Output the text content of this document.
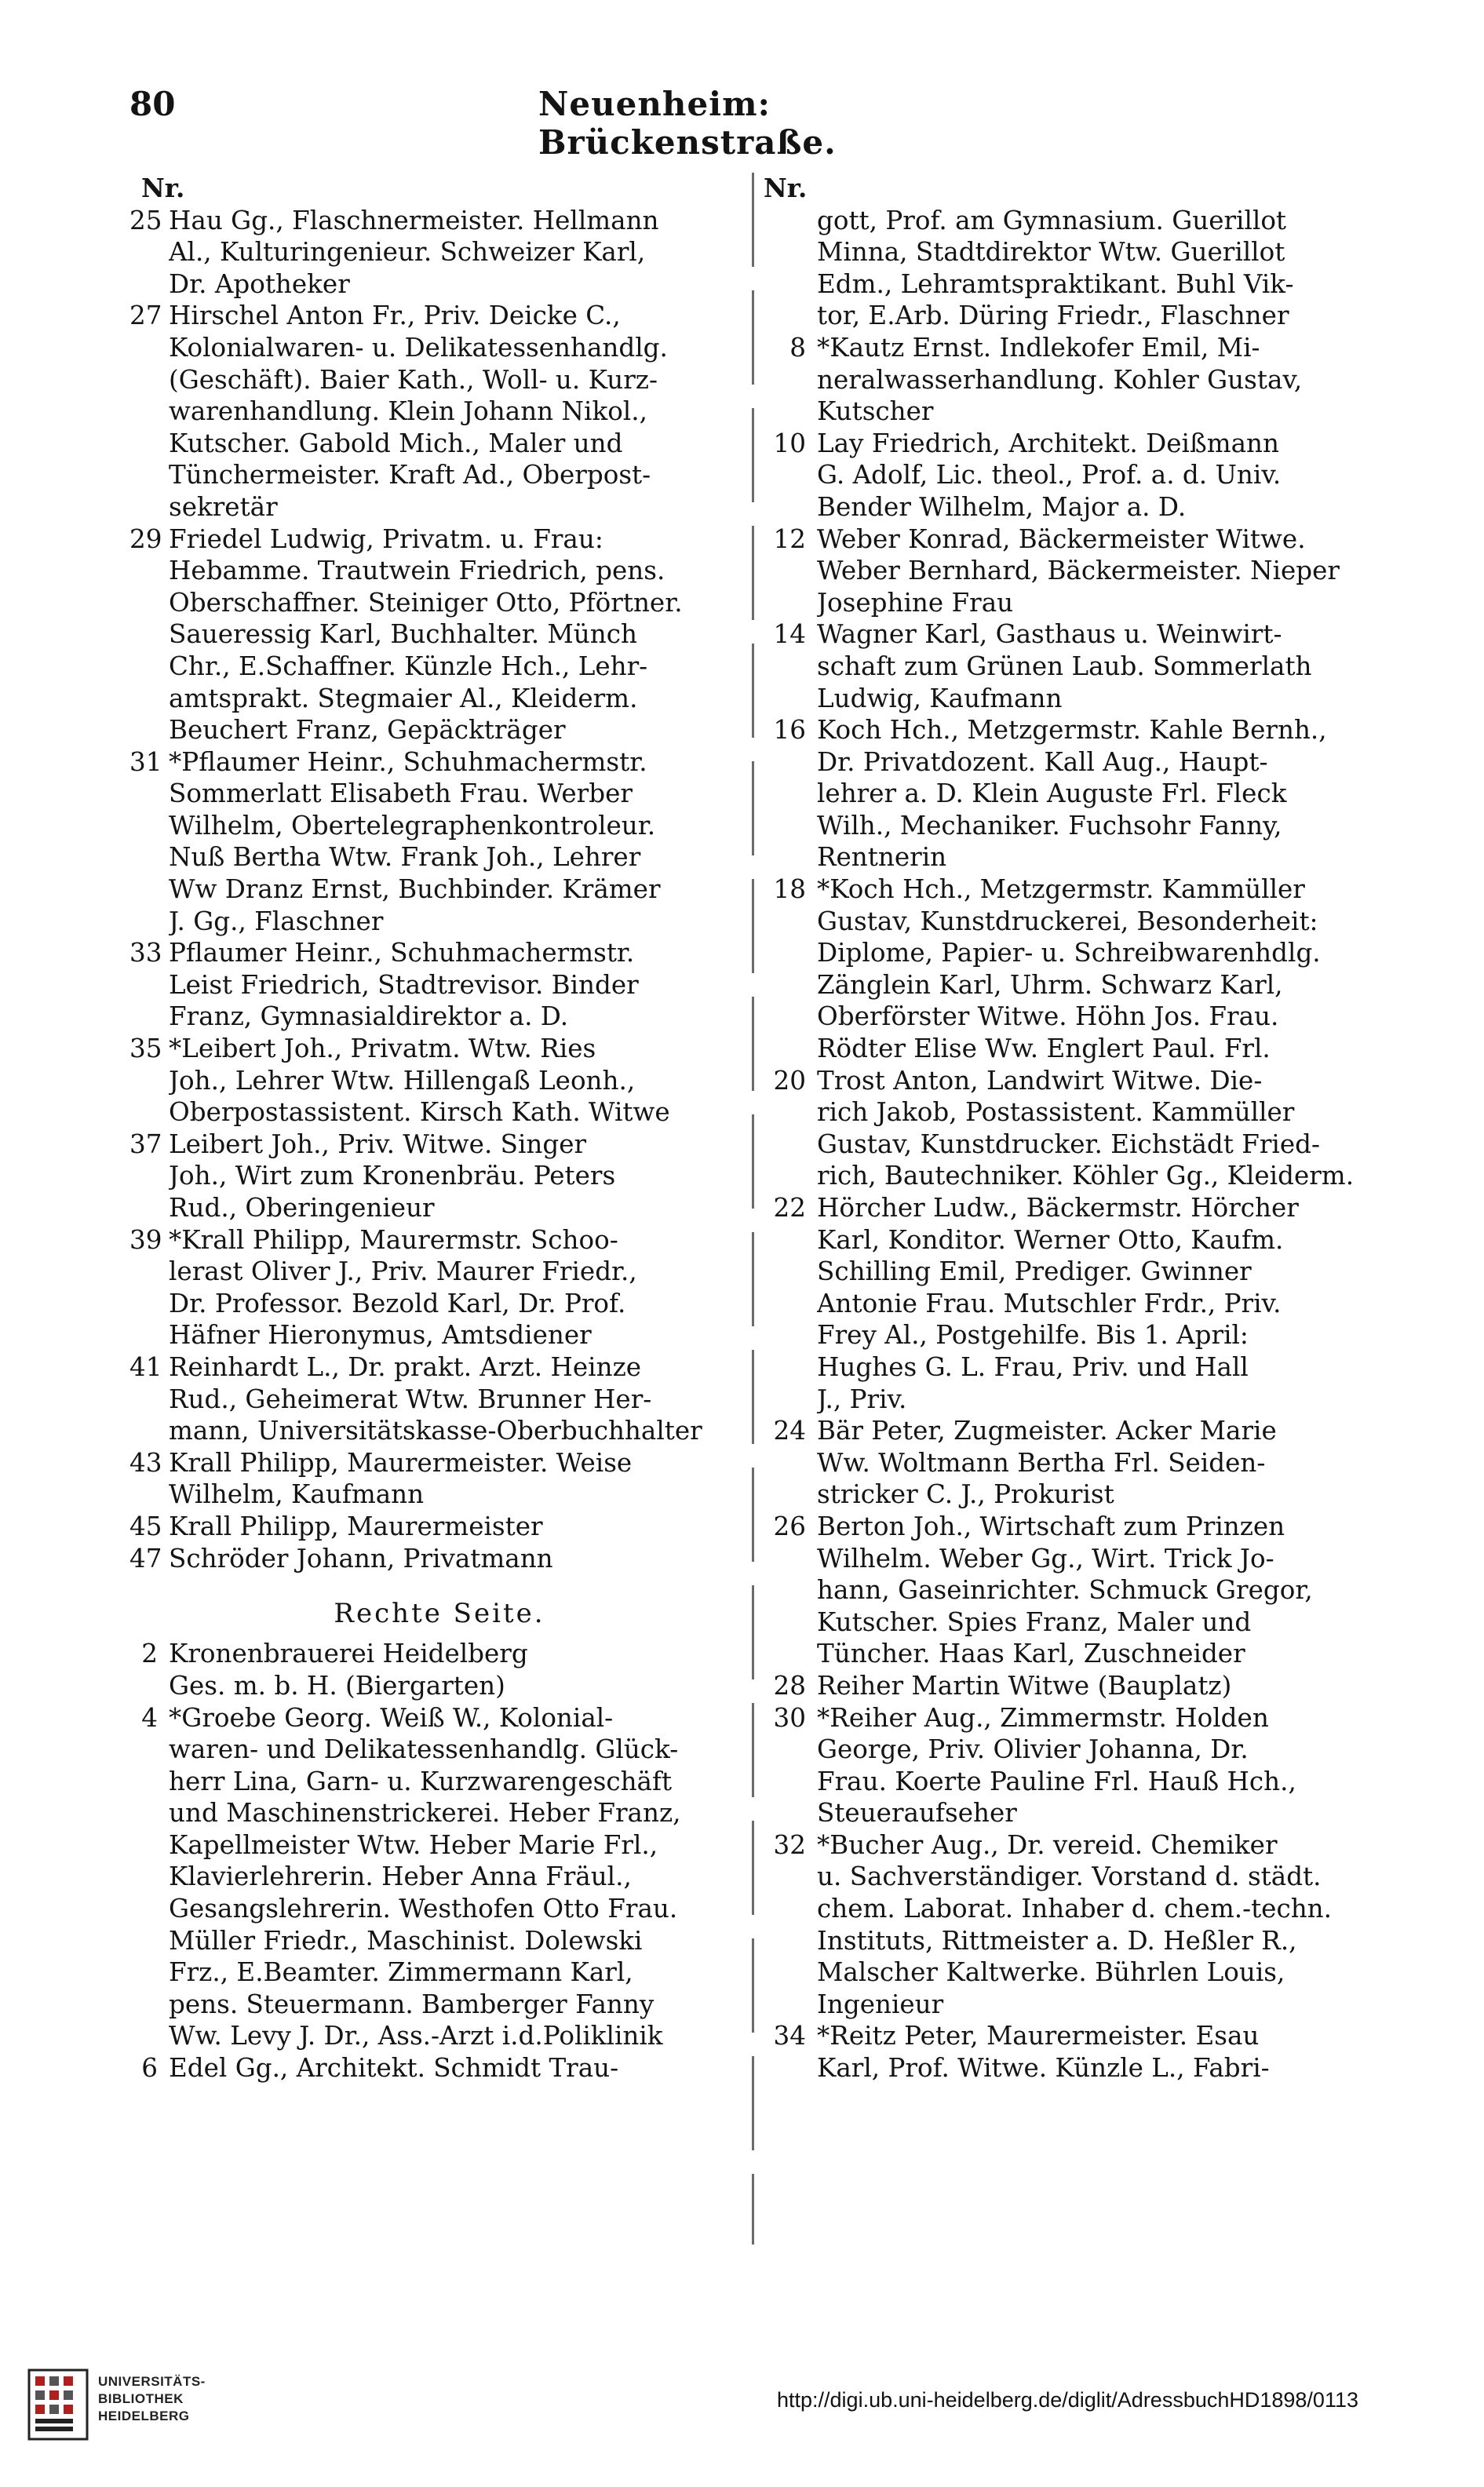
80	Neuenheim: Brückenstraße.
Nr.
25 Hau Gg., Flaschnermeister. Hellmann
Al., Kulturingenieur. Schweizer Karl,
Dr. Apotheker
27 Hirschel Anton Fr., Priv. Deicke C.,
Kolonialwaren- u. Delikatessenhandlg.
(Geschäft). Baier Kath., Woll- u. Kurz-
warenhandlung. Klein Johann Nikol.,
Kutscher. Gabold Mich., Maler und
Tünchermeister. Kraft Ad., Oberpost-
sekretär
29 Friedel Ludwig, Privatm. u. Frau:
Hebamme. Trautwein Friedrich, pens.
Oberschaffner. Steiniger Otto, Pförtner.
Saueressig Karl, Buchhalter. Münch
Chr., E.Schaffner. Künzle Hch., Lehr-
amtsprakt. Stegmaier Al., Kleiderm.
Beuchert Franz, Gepäckträger
31 *Pflaumer Heinr., Schuhmachermstr.
Sommerlatt Elisabeth Frau. Werber
Wilhelm, Obertelegraphenkontroleur.
Nuß Bertha Wtw. Frank Joh., Lehrer
Ww Dranz Ernst, Buchbinder. Krämer
J. Gg., Flaschner
33 Pflaumer Heinr., Schuhmachermstr.
Leist Friedrich, Stadtrevisor. Binder
Franz, Gymnasialdirektor a. D.
35 *Leibert Joh., Privatm. Wtw. Ries
Joh., Lehrer Wtw. Hillengaß Leonh.,
Oberpostassistent. Kirsch Kath. Witwe
37 Leibert Joh., Priv. Witwe. Singer
Joh., Wirt zum Kronenbräu. Peters
Rud., Oberingenieur
39 *Krall Philipp, Maurermstr. Schoo-
lerast Oliver J., Priv. Maurer Friedr.,
Dr. Professor. Bezold Karl, Dr. Prof.
Häfner Hieronymus, Amtsdiener
41 Reinhardt L., Dr. prakt. Arzt. Heinze
Rud., Geheimerat Wtw. Brunner Her-
mann, Universitätskasse-Oberbuchhalter
43 Krall Philipp, Maurermeister. Weise
Wilhelm, Kaufmann
45 Krall Philipp, Maurermeister
47 Schröder Johann, Privatmann
Rechte Seite.
2 Kronenbrauerei Heidelberg
Ges. m. b. H. (Biergarten)
4 *Groebe Georg. Weiß W., Kolonial-
waren- und Delikatessenhandlg. Glück-
herr Lina, Garn- u. Kurzwarengeschäft
und Maschinenstrickerei. Heber Franz,
Kapellmeister Wtw. Heber Marie Frl.,
Klavierlehrerin. Heber Anna Fräul.,
Gesangslehrerin. Westhofen Otto Frau.
Müller Friedr., Maschinist. Dolewski
Frz., E.Beamter. Zimmermann Karl,
pens. Steuermann. Bamberger Fanny
Ww. Levy J. Dr., Ass.-Arzt i.d.Poliklinik
6 Edel Gg., Architekt. Schmidt Trau-
Nr.
gott, Prof. am Gymnasium. Guerillot
Minna, Stadtdirektor Wtw. Guerillot
Edm., Lehramtspraktikant. Buhl Vik-
tor, E.Arb. Düring Friedr., Flaschner
8 *Kautz Ernst. Indlekofer Emil, Mi-
neralwasserhandlung. Kohler Gustav,
Kutscher
10 Lay Friedrich, Architekt. Deißmann
G. Adolf, Lic. theol., Prof. a. d. Univ.
Bender Wilhelm, Major a. D.
12 Weber Konrad, Bäckermeister Witwe.
Weber Bernhard, Bäckermeister. Nieper
Josephine Frau
14 Wagner Karl, Gasthaus u. Weinwirt-
schaft zum Grünen Laub. Sommerlath
Ludwig, Kaufmann
16 Koch Hch., Metzgermstr. Kahle Bernh.,
Dr. Privatdozent. Kall Aug., Haupt-
lehrer a. D. Klein Auguste Frl. Fleck
Wilh., Mechaniker. Fuchsohr Fanny,
Rentnerin
18 *Koch Hch., Metzgermstr. Kammüller
Gustav, Kunstdruckerei, Besonderheit:
Diplome, Papier- u. Schreibwarenhdlg.
Zänglein Karl, Uhrm. Schwarz Karl,
Oberförster Witwe. Höhn Jos. Frau.
Rödter Elise Ww. Englert Paul. Frl.
20 Trost Anton, Landwirt Witwe. Die-
rich Jakob, Postassistent. Kammüller
Gustav, Kunstdrucker. Eichstädt Fried-
rich, Bautechniker. Köhler Gg., Kleiderm.
22 Hörcher Ludw., Bäckermstr. Hörcher
Karl, Konditor. Werner Otto, Kaufm.
Schilling Emil, Prediger. Gwinner
Antonie Frau. Mutschler Frdr., Priv.
Frey Al., Postgehilfe. Bis 1. April:
Hughes G. L. Frau, Priv. und Hall
J., Priv.
24 Bär Peter, Zugmeister. Acker Marie
Ww. Woltmann Bertha Frl. Seiden-
stricker C. J., Prokurist
26 Berton Joh., Wirtschaft zum Prinzen
Wilhelm. Weber Gg., Wirt. Trick Jo-
hann, Gaseinrichter. Schmuck Gregor,
Kutscher. Spies Franz, Maler und
Tüncher. Haas Karl, Zuschneider
28 Reiher Martin Witwe (Bauplatz)
30 *Reiher Aug., Zimmermstr. Holden
George, Priv. Olivier Johanna, Dr.
Frau. Koerte Pauline Frl. Hauß Hch.,
Steueraufseher
32 *Bucher Aug., Dr. vereid. Chemiker
u. Sachverständiger. Vorstand d. städt.
chem. Laborat. Inhaber d. chem.-techn.
Instituts, Rittmeister a. D. Heßler R.,
Malscher Kaltwerke. Bührlen Louis,
Ingenieur
34 *Reitz Peter, Maurermeister. Esau
Karl, Prof. Witwe. Künzle L., Fabri-
UNIVERSITÄTS-
BIBLIOTHEK
HEIDELBERG
http://digi.ub.uni-heidelberg.de/diglit/AdressbuchHD1898/0113
